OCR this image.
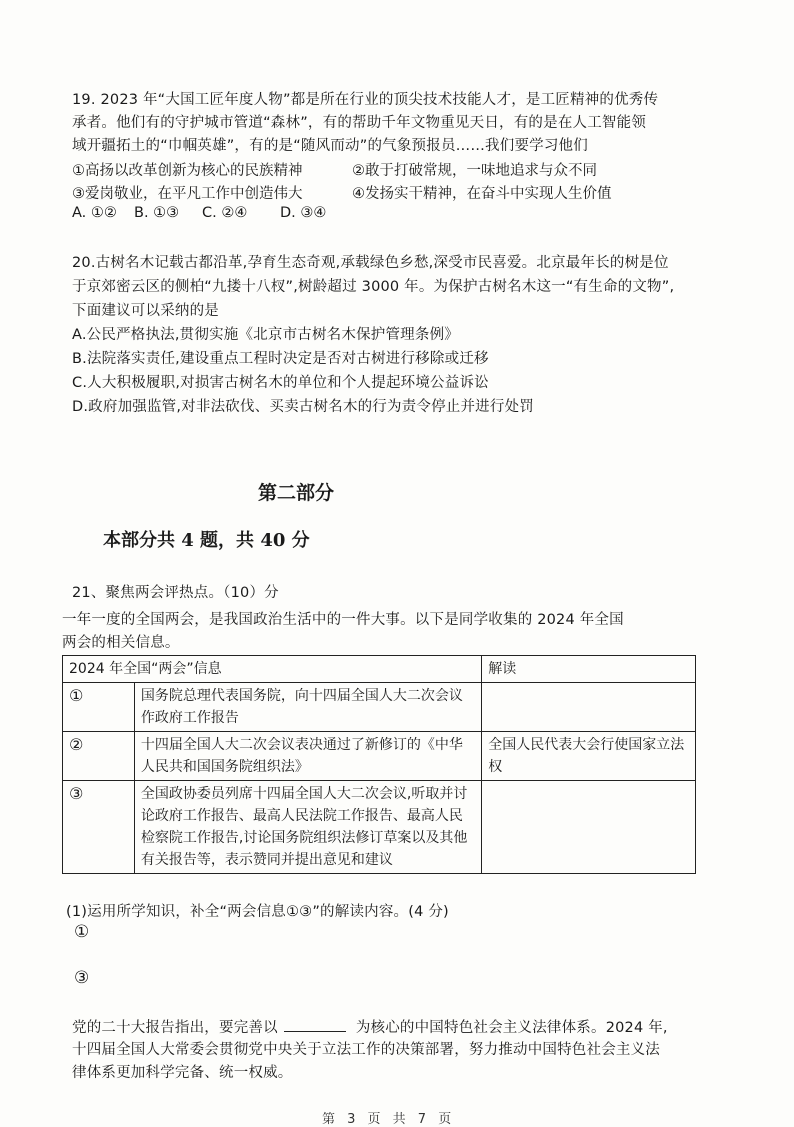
19. 2023 年“大国工匠年度人物”都是所在行业的顶尖技术技能人才，是工匠精神的优秀传
承者。他们有的守护城市管道“森林”，有的帮助千年文物重见天日，有的是在人工智能领
域开疆拓土的“巾帼英雄”，有的是“随风而动”的气象预报员……我们要学习他们
①高扬以改革创新为核心的民族精神	②敢于打破常规，一味地追求与众不同
③爱岗敬业，在平凡工作中创造伟大	④发扬实干精神，在奋斗中实现人生价值
A. ①② B. ①③ C. ②④ D. ③④
20.古树名木记载古都沿革,孕育生态奇观,承载绿色乡愁,深受市民喜爱。北京最年长的树是位
于京郊密云区的侧柏“九搂十八杈”,树龄超过 3000 年。为保护古树名木这一“有生命的文物”,
下面建议可以采纳的是
A.公民严格执法,贯彻实施《北京市古树名木保护管理条例》
B.法院落实责任,建设重点工程时决定是否对古树进行移除或迁移
C.人大积极履职,对损害古树名木的单位和个人提起环境公益诉讼
D.政府加强监管,对非法砍伐、买卖古树名木的行为责令停止并进行处罚
第二部分
本部分共 4 题，共 40 分
21、聚焦两会评热点。（10）分
一年一度的全国两会，是我国政治生活中的一件大事。以下是同学收集的 2024 年全国
两会的相关信息。
2024 年全国“两会”信息		解读
①	国务院总理代表国务院，向十四届全国人大二次会议作政府工作报告	
②	十四届全国人大二次会议表决通过了新修订的《中华人民共和国国务院组织法》	全国人民代表大会行使国家立法权
③	全国政协委员列席十四届全国人大二次会议,听取并讨论政府工作报告、最高人民法院工作报告、最高人民检察院工作报告,讨论国务院组织法修订草案以及其他有关报告等，表示赞同并提出意见和建议	
(1)运用所学知识，补全“两会信息①③”的解读内容。(4 分)
①
③
党的二十大报告指出，要完善以	为核心的中国特色社会主义法律体系。2024 年,
十四届全国人大常委会贯彻党中央关于立法工作的决策部署，努力推动中国特色社会主义法
律体系更加科学完备、统一权威。
第 3 页 共 7 页
